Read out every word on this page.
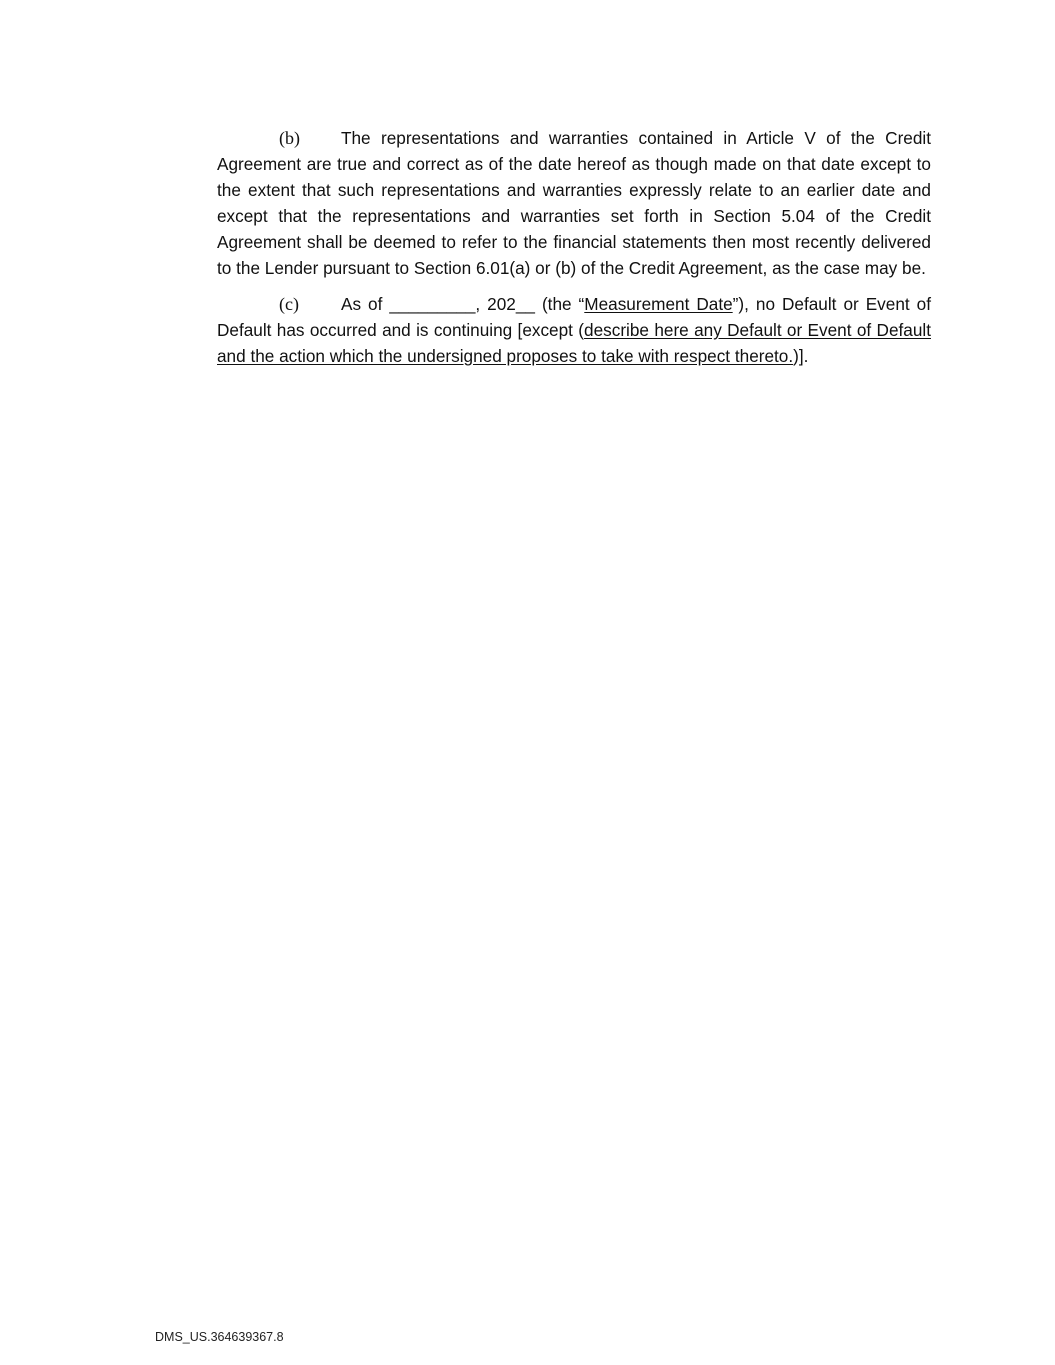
(b) The representations and warranties contained in Article V of the Credit Agreement are true and correct as of the date hereof as though made on that date except to the extent that such representations and warranties expressly relate to an earlier date and except that the representations and warranties set forth in Section 5.04 of the Credit Agreement shall be deemed to refer to the financial statements then most recently delivered to the Lender pursuant to Section 6.01(a) or (b) of the Credit Agreement, as the case may be.

(c) As of _________, 202__ (the “Measurement Date”), no Default or Event of Default has occurred and is continuing [except (describe here any Default or Event of Default and the action which the undersigned proposes to take with respect thereto.)].

DMS_US.364639367.8
